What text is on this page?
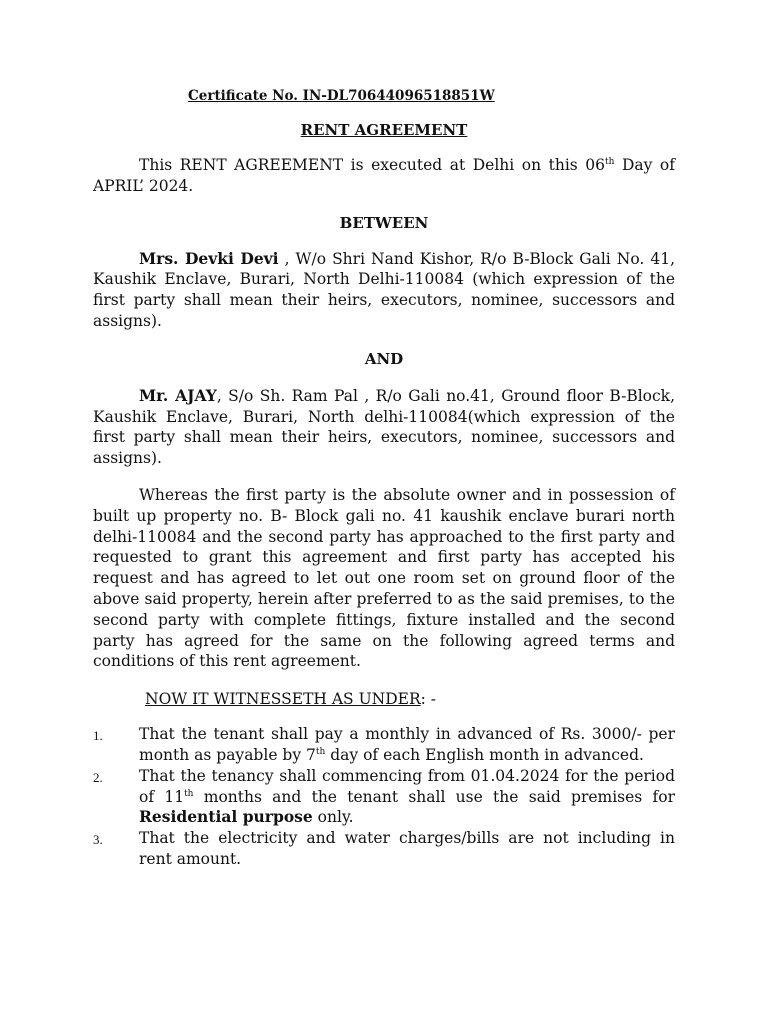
Certificate No. IN-DL70644096518851W
RENT AGREEMENT

This RENT AGREEMENT is executed at Delhi on this 06th Day of APRIL’ 2024.

BETWEEN

Mrs. Devki Devi , W/o Shri Nand Kishor, R/o B-Block Gali No. 41, Kaushik Enclave, Burari, North Delhi-110084 (which expression of the first party shall mean their heirs, executors, nominee, successors and assigns).

AND

Mr. AJAY, S/o Sh. Ram Pal , R/o Gali no.41, Ground floor B-Block, Kaushik Enclave, Burari, North delhi-110084(which expression of the first party shall mean their heirs, executors, nominee, successors and assigns).

Whereas the first party is the absolute owner and in possession of built up property no. B- Block gali no. 41 kaushik enclave burari north delhi-110084 and the second party has approached to the first party and requested to grant this agreement and first party has accepted his request and has agreed to let out one room set on ground floor of the above said property, herein after preferred to as the said premises, to the second party with complete fittings, fixture installed and the second party has agreed for the same on the following agreed terms and conditions of this rent agreement.

NOW IT WITNESSETH AS UNDER: -
1. That the tenant shall pay a monthly in advanced of Rs. 3000/- per month as payable by 7th day of each English month in advanced.
2. That the tenancy shall commencing from 01.04.2024 for the period of 11th months and the tenant shall use the said premises for Residential purpose only.
3. That the electricity and water charges/bills are not including in rent amount.
